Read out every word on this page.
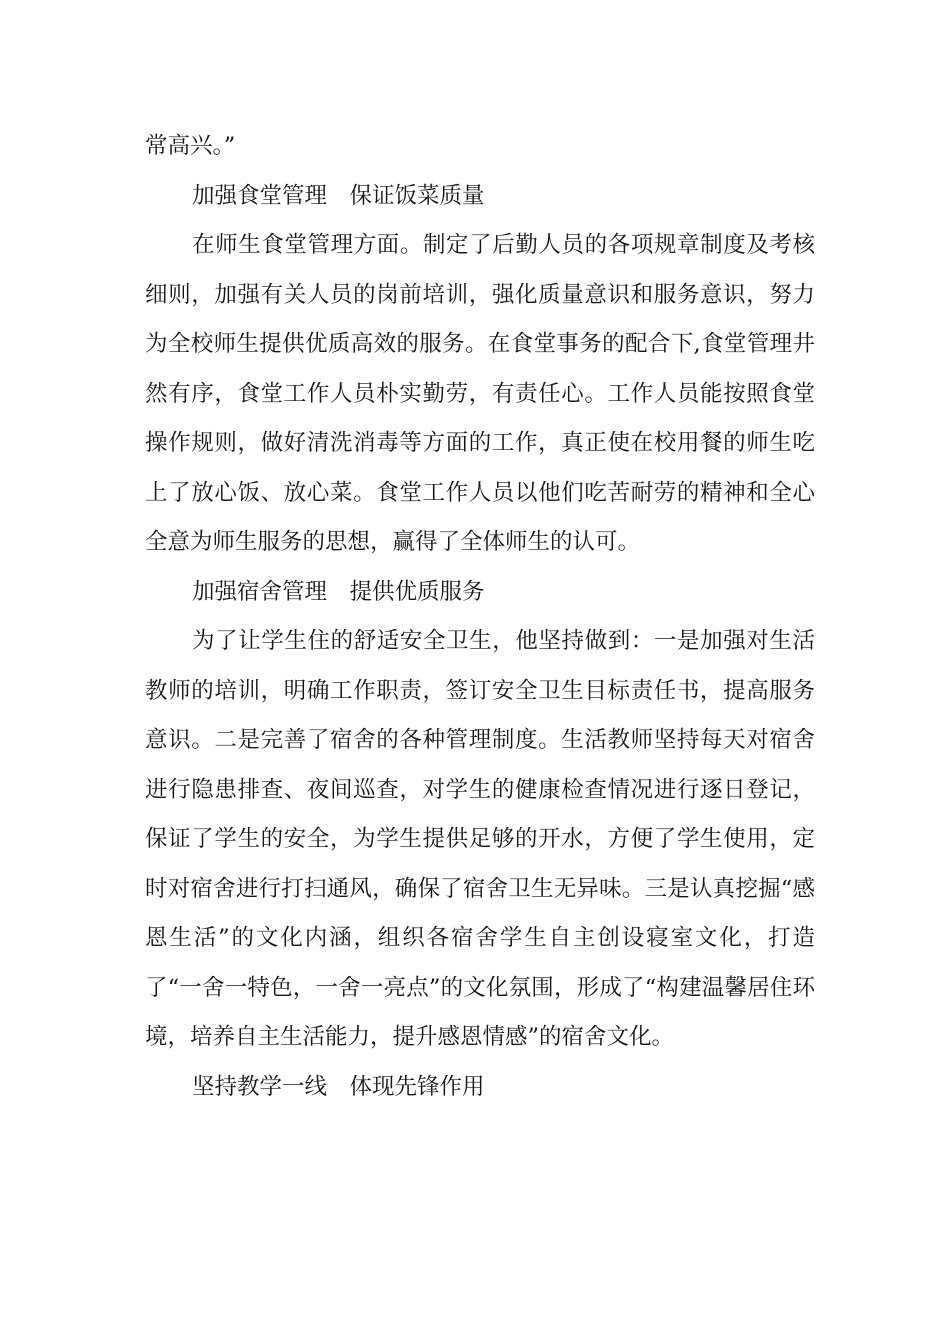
常高兴。”

加强食堂管理　保证饭菜质量

在师生食堂管理方面。制定了后勤人员的各项规章制度及考核细则，加强有关人员的岗前培训，强化质量意识和服务意识，努力为全校师生提供优质高效的服务。在食堂事务的配合下,食堂管理井然有序，食堂工作人员朴实勤劳，有责任心。工作人员能按照食堂操作规则，做好清洗消毒等方面的工作，真正使在校用餐的师生吃上了放心饭、放心菜。食堂工作人员以他们吃苦耐劳的精神和全心全意为师生服务的思想，赢得了全体师生的认可。

加强宿舍管理　提供优质服务

为了让学生住的舒适安全卫生，他坚持做到：一是加强对生活教师的培训，明确工作职责，签订安全卫生目标责任书，提高服务意识。二是完善了宿舍的各种管理制度。生活教师坚持每天对宿舍进行隐患排查、夜间巡查，对学生的健康检查情况进行逐日登记，保证了学生的安全，为学生提供足够的开水，方便了学生使用，定时对宿舍进行打扫通风，确保了宿舍卫生无异味。三是认真挖掘“感恩生活”的文化内涵，组织各宿舍学生自主创设寝室文化，打造了“一舍一特色，一舍一亮点”的文化氛围，形成了“构建温馨居住环境，培养自主生活能力，提升感恩情感”的宿舍文化。

坚持教学一线　体现先锋作用
